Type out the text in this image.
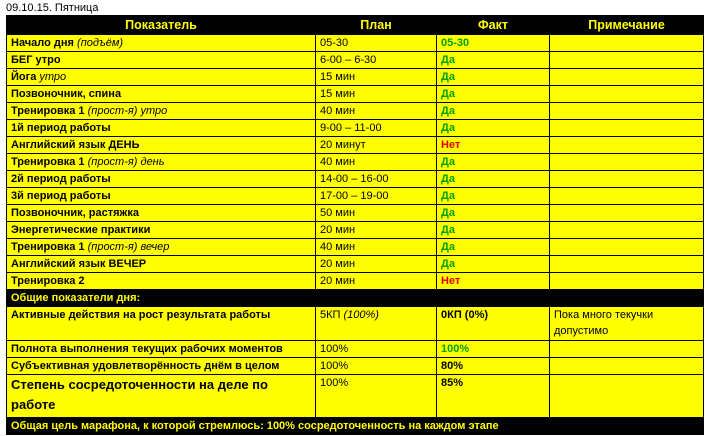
09.10.15. Пятница
Показатель	План	Факт	Примечание
Начало дня (подъём)	05-30	05-30	
БЕГ утро	6-00 – 6-30	Да	
Йога утро	15 мин	Да	
Позвоночник, спина	15 мин	Да	
Тренировка 1 (прост-я) утро	40 мин	Да	
1й период работы	9-00 – 11-00	Да	
Английский язык ДЕНЬ	20 минут	Нет	
Тренировка 1 (прост-я) день	40 мин	Да	
2й период работы	14-00 – 16-00	Да	
3й период работы	17-00 – 19-00	Да	
Позвоночник, растяжка	50 мин	Да	
Энергетические практики	20 мин	Да	
Тренировка 1 (прост-я) вечер	40 мин	Да	
Английский язык ВЕЧЕР	20 мин	Да	
Тренировка 2	20 мин	Нет	
Общие показатели дня:			
Активные действия на рост результата работы	5КП (100%)	0КП (0%)	Пока много текучки допустимо
Полнота выполнения текущих рабочих моментов	100%	100%	
Субъективная удовлетворённость днём в целом	100%	80%	
Степень сосредоточенности на деле по работе	100%	85%	
Общая цель марафона, к которой стремлюсь: 100% сосредоточенность на каждом этапе			
